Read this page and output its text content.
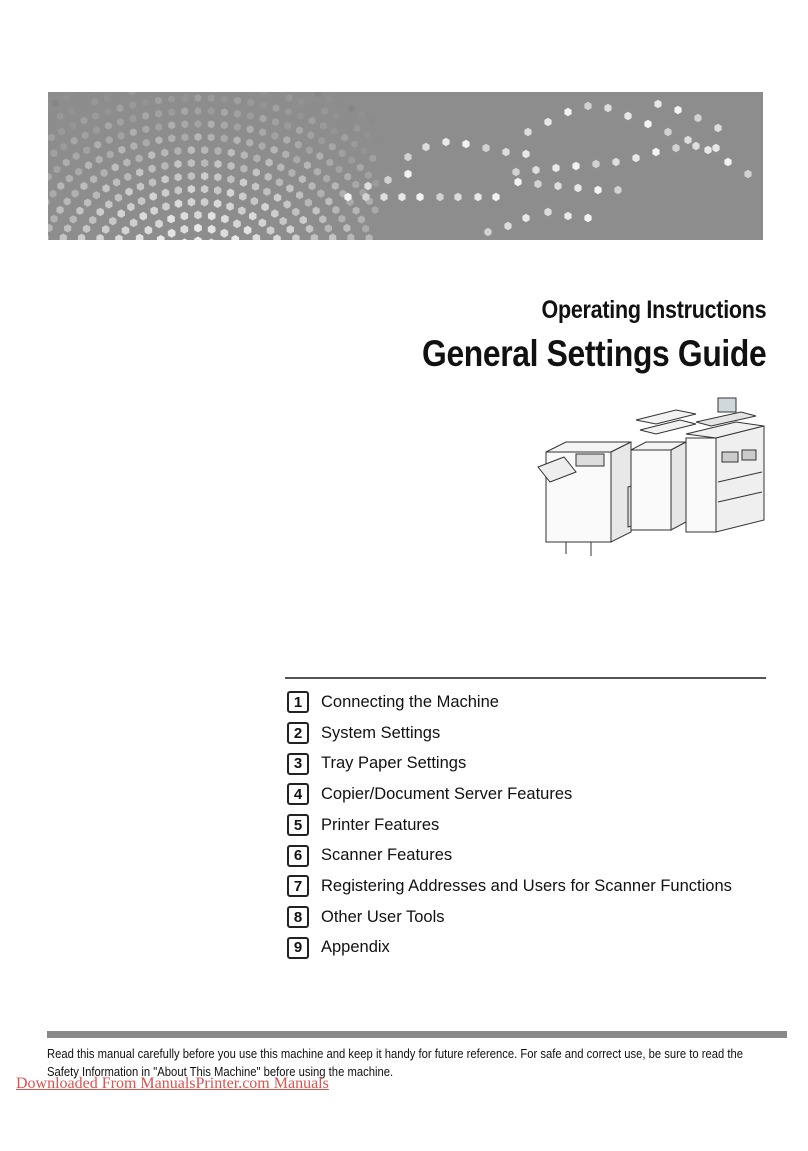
Operating Instructions
General Settings Guide
1	Connecting the Machine
2	System Settings
3	Tray Paper Settings
4	Copier/Document Server Features
5	Printer Features
6	Scanner Features
7	Registering Addresses and Users for Scanner Functions
8	Other User Tools
9	Appendix
Read this manual carefully before you use this machine and keep it handy for future reference. For safe and correct use, be sure to read the
Safety Information in "About This Machine" before using the machine.
Downloaded From ManualsPrinter.com Manuals
